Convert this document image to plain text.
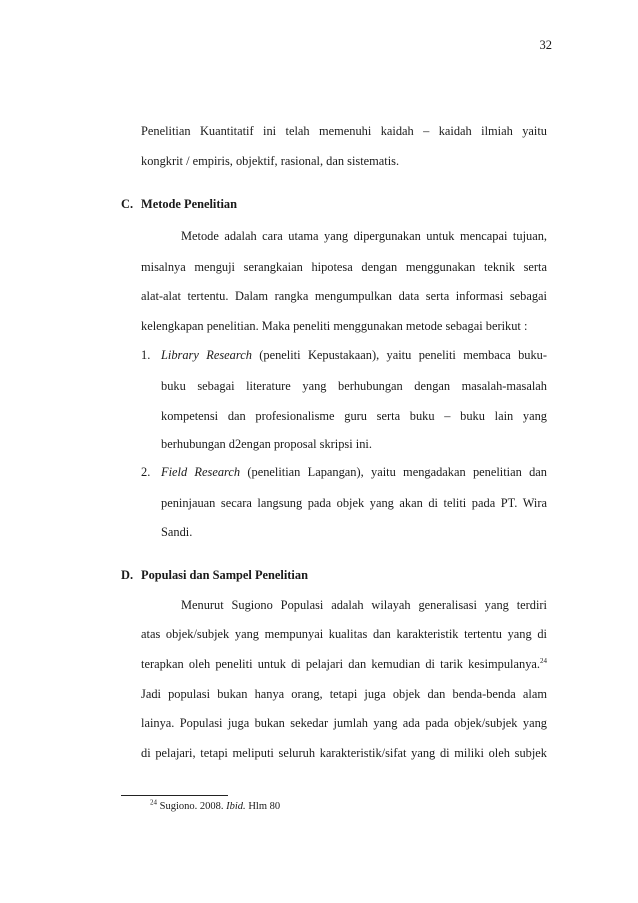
32
Penelitian Kuantitatif ini telah memenuhi kaidah – kaidah ilmiah yaitu
kongkrit / empiris, objektif, rasional, dan sistematis.
C. Metode Penelitian
Metode adalah cara utama yang dipergunakan untuk mencapai tujuan,
misalnya menguji serangkaian hipotesa dengan menggunakan teknik serta
alat-alat tertentu. Dalam rangka mengumpulkan data serta informasi sebagai
kelengkapan penelitian. Maka peneliti menggunakan metode sebagai berikut :
1. Library Research (peneliti Kepustakaan), yaitu peneliti membaca buku-
buku sebagai literature yang berhubungan dengan masalah-masalah
kompetensi dan profesionalisme guru serta buku – buku lain yang
berhubungan d2engan proposal skripsi ini.
2. Field Research (penelitian Lapangan), yaitu mengadakan penelitian dan
peninjauan secara langsung pada objek yang akan di teliti pada PT. Wira
Sandi.
D. Populasi dan Sampel Penelitian
Menurut Sugiono Populasi adalah wilayah generalisasi yang terdiri
atas objek/subjek yang mempunyai kualitas dan karakteristik tertentu yang di
terapkan oleh peneliti untuk di pelajari dan kemudian di tarik kesimpulanya.$^{24}$
Jadi populasi bukan hanya orang, tetapi juga objek dan benda-benda alam
lainya. Populasi juga bukan sekedar jumlah yang ada pada objek/subjek yang
di pelajari, tetapi meliputi seluruh karakteristik/sifat yang di miliki oleh subjek
$^{24}$ Sugiono. 2008. Ibid. Hlm 80
